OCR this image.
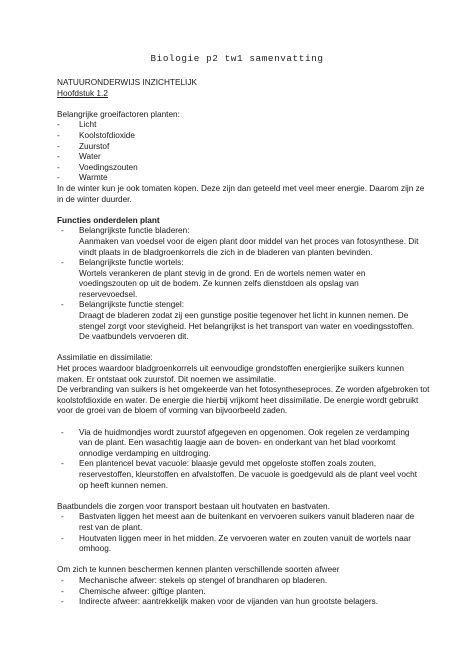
Biologie p2 tw1 samenvatting
NATUURONDERWIJS INZICHTELIJK
Hoofdstuk 1.2
Belangrijke groeifactoren planten:
- Licht
- Koolstofdioxide
- Zuurstof
- Water
- Voedingszouten
- Warmte
In de winter kun je ook tomaten kopen. Deze zijn dan geteeld met veel meer energie. Daarom zijn ze
in de winter duurder.
Functies onderdelen plant
- Belangrijkste functie bladeren:
Aanmaken van voedsel voor de eigen plant door middel van het proces van fotosynthese. Dit
vindt plaats in de bladgroenkorrels die zich in de bladeren van planten bevinden.
- Belangrijkste functie wortels:
Wortels verankeren de plant stevig in de grond. En de wortels nemen water en
voedingszouten op uit de bodem. Ze kunnen zelfs dienstdoen als opslag van reservevoedsel.
- Belangrijkste functie stengel:
Draagt de bladeren zodat zij een gunstige positie tegenover het licht in kunnen nemen. De
stengel zorgt voor stevigheid. Het belangrijkst is het transport van water en voedingsstoffen.
De vaatbundels vervoeren dit.
Assimilatie en dissimilatie:
Het proces waardoor bladgroenkorrels uit eenvoudige grondstoffen energierijke suikers kunnen
maken. Er ontstaat ook zuurstof. Dit noemen we assimilatie.
De verbranding van suikers is het omgekeerde van het fotosyntheseproces. Ze worden afgebroken tot
koolstofdioxide en water. De energie die hierbij vrijkomt heet dissimilatie. De energie wordt gebruikt
voor de groei van de bloem of vorming van bijvoorbeeld zaden.
- Via de huidmondjes wordt zuurstof afgegeven en opgenomen. Ook regelen ze verdamping
van de plant. Een wasachtig laagje aan de boven- en onderkant van het blad voorkomt
onnodige verdamping en uitdroging.
- Een plantencel bevat vacuole: blaasje gevuld met opgeloste stoffen zoals zouten,
reservestoffen, kleurstoffen en afvalstoffen. De vacuole is goedgevuld als de plant veel vocht
op heeft kunnen nemen.
Baatbundels die zorgen voor transport bestaan uit houtvaten en bastvaten.
- Bastvaten liggen het meest aan de buitenkant en vervoeren suikers vanuit bladeren naar de
rest van de plant.
- Houtvaten liggen meer in het midden. Ze vervoeren water en zouten vanuit de wortels naar
omhoog.
Om zich te kunnen beschermen kennen planten verschillende soorten afweer
- Mechanische afweer: stekels op stengel of brandharen op bladeren.
- Chemische afweer: giftige planten.
- Indirecte afweer: aantrekkelijk maken voor de vijanden van hun grootste belagers.
